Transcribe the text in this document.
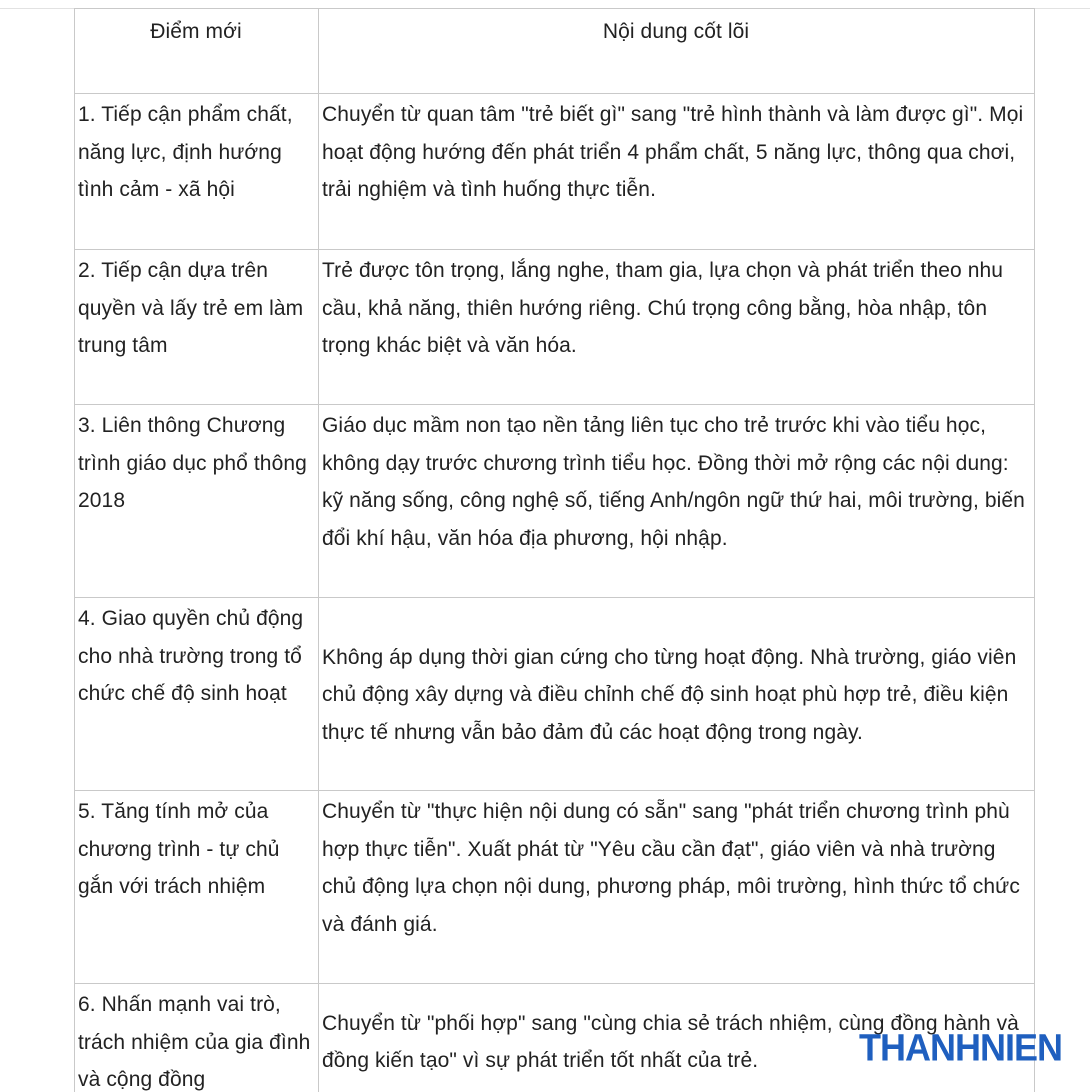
Điểm mới	Nội dung cốt lõi
1. Tiếp cận phẩm chất, năng lực, định hướng tình cảm - xã hội	Chuyển từ quan tâm "trẻ biết gì" sang "trẻ hình thành và làm được gì". Mọi hoạt động hướng đến phát triển 4 phẩm chất, 5 năng lực, thông qua chơi, trải nghiệm và tình huống thực tiễn.
2. Tiếp cận dựa trên quyền và lấy trẻ em làm trung tâm	Trẻ được tôn trọng, lắng nghe, tham gia, lựa chọn và phát triển theo nhu cầu, khả năng, thiên hướng riêng. Chú trọng công bằng, hòa nhập, tôn trọng khác biệt và văn hóa.
3. Liên thông Chương trình giáo dục phổ thông 2018	Giáo dục mầm non tạo nền tảng liên tục cho trẻ trước khi vào tiểu học, không dạy trước chương trình tiểu học. Đồng thời mở rộng các nội dung: kỹ năng sống, công nghệ số, tiếng Anh/ngôn ngữ thứ hai, môi trường, biến đổi khí hậu, văn hóa địa phương, hội nhập.
4. Giao quyền chủ động cho nhà trường trong tổ chức chế độ sinh hoạt	Không áp dụng thời gian cứng cho từng hoạt động. Nhà trường, giáo viên chủ động xây dựng và điều chỉnh chế độ sinh hoạt phù hợp trẻ, điều kiện thực tế nhưng vẫn bảo đảm đủ các hoạt động trong ngày.
5. Tăng tính mở của chương trình - tự chủ gắn với trách nhiệm	Chuyển từ "thực hiện nội dung có sẵn" sang "phát triển chương trình phù hợp thực tiễn". Xuất phát từ "Yêu cầu cần đạt", giáo viên và nhà trường chủ động lựa chọn nội dung, phương pháp, môi trường, hình thức tổ chức và đánh giá.
6. Nhấn mạnh vai trò, trách nhiệm của gia đình và cộng đồng	Chuyển từ "phối hợp" sang "cùng chia sẻ trách nhiệm, cùng đồng hành và đồng kiến tạo" vì sự phát triển tốt nhất của trẻ.	THANHNIEN
